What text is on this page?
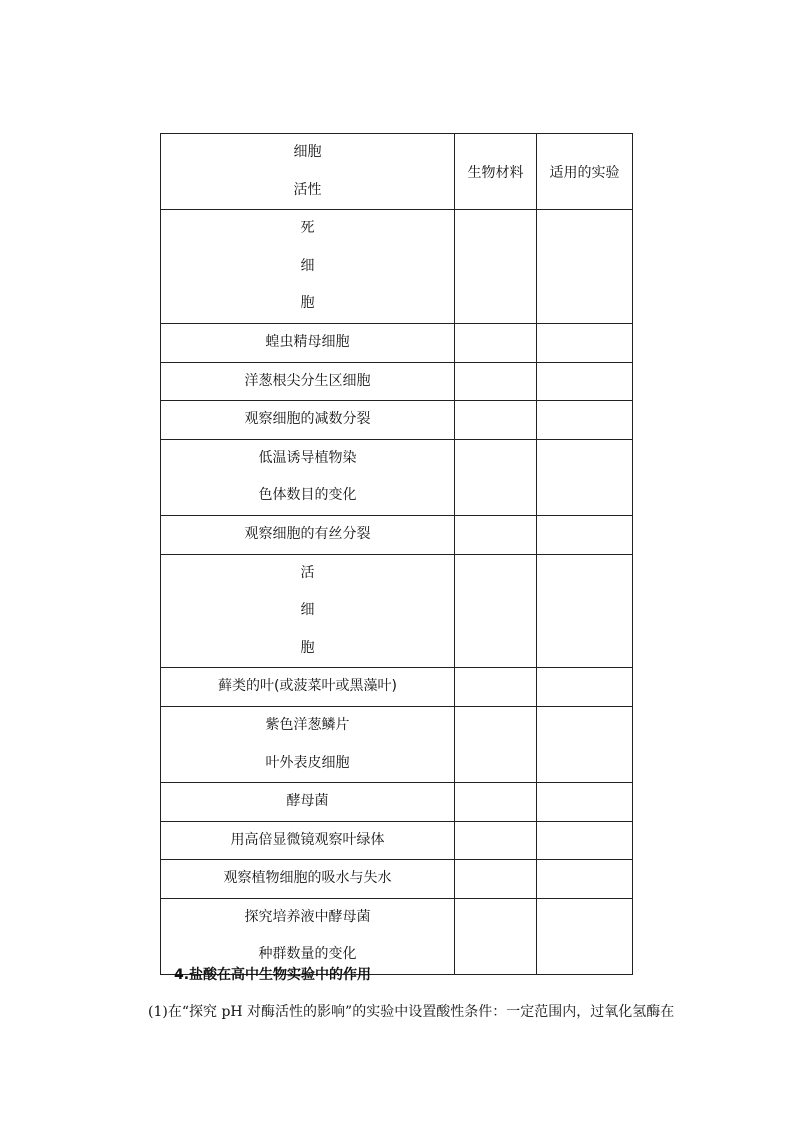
细胞
活性	生物材料	适用的实验

死
细
胞		

蝗虫精母细胞		

洋葱根尖分生区细胞		

观察细胞的减数分裂		

低温诱导植物染
色体数目的变化		

观察细胞的有丝分裂		

活
细
胞		

藓类的叶(或菠菜叶或黑藻叶)		

紫色洋葱鳞片
叶外表皮细胞		

酵母菌		

用高倍显微镜观察叶绿体		

观察植物细胞的吸水与失水		

探究培养液中酵母菌
种群数量的变化		

4.盐酸在高中生物实验中的作用
(1)在“探究 pH 对酶活性的影响”的实验中设置酸性条件：一定范围内，过氧化氢酶在
